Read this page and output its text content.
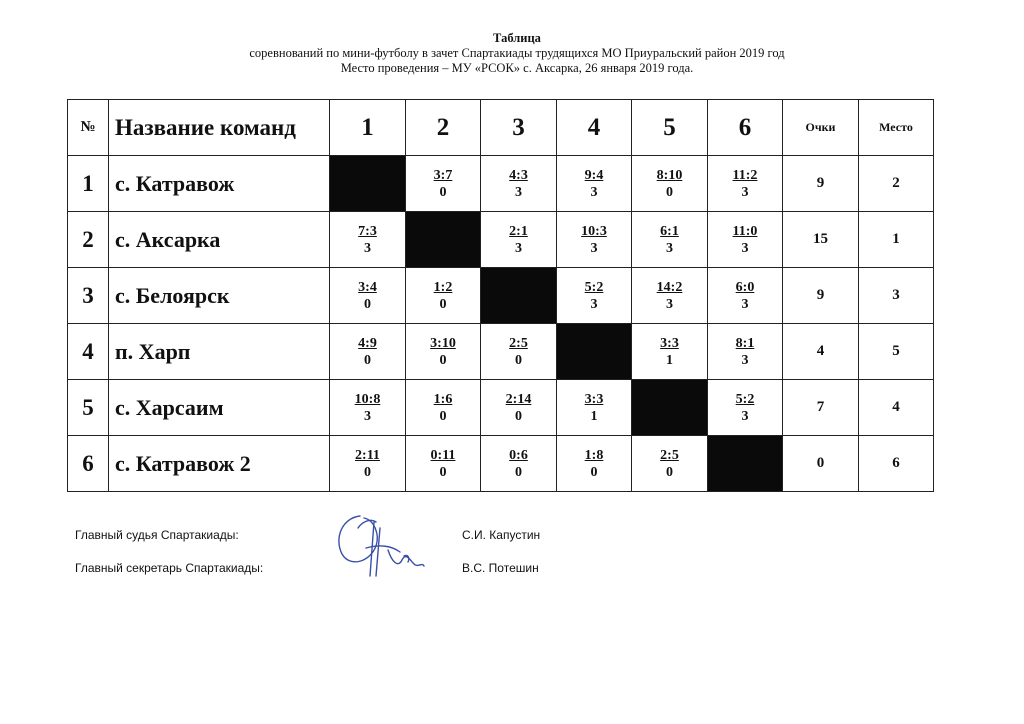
Таблица
соревнований по мини-футболу в зачет Спартакиады трудящихся МО Приуральский район 2019 год
Место проведения – МУ «РСОК» с. Аксарка, 26 января 2019 года.
№	Название команд	1	2	3	4	5	6	Очки	Место
1	с. Катравож		$\frac{3:7}{0}$	$\frac{4:3}{3}$	$\frac{9:4}{3}$	$\frac{8:10}{0}$	$\frac{11:2}{3}$	9	2
2	с. Аксарка	$\frac{7:3}{3}$		$\frac{2:1}{3}$	$\frac{10:3}{3}$	$\frac{6:1}{3}$	$\frac{11:0}{3}$	15	1
3	с. Белоярск	$\frac{3:4}{0}$	$\frac{1:2}{0}$		$\frac{5:2}{3}$	$\frac{14:2}{3}$	$\frac{6:0}{3}$	9	3
4	п. Харп	$\frac{4:9}{0}$	$\frac{3:10}{0}$	$\frac{2:5}{0}$		$\frac{3:3}{1}$	$\frac{8:1}{3}$	4	5
5	с. Харсаим	$\frac{10:8}{3}$	$\frac{1:6}{0}$	$\frac{2:14}{0}$	$\frac{3:3}{1}$		$\frac{5:2}{3}$	7	4
6	с. Катравож 2	$\frac{2:11}{0}$	$\frac{0:11}{0}$	$\frac{0:6}{0}$	$\frac{1:8}{0}$	$\frac{2:5}{0}$		0	6
Главный судья Спартакиады:	С.И. Капустин
Главный секретарь Спартакиады:	В.С. Потешин
